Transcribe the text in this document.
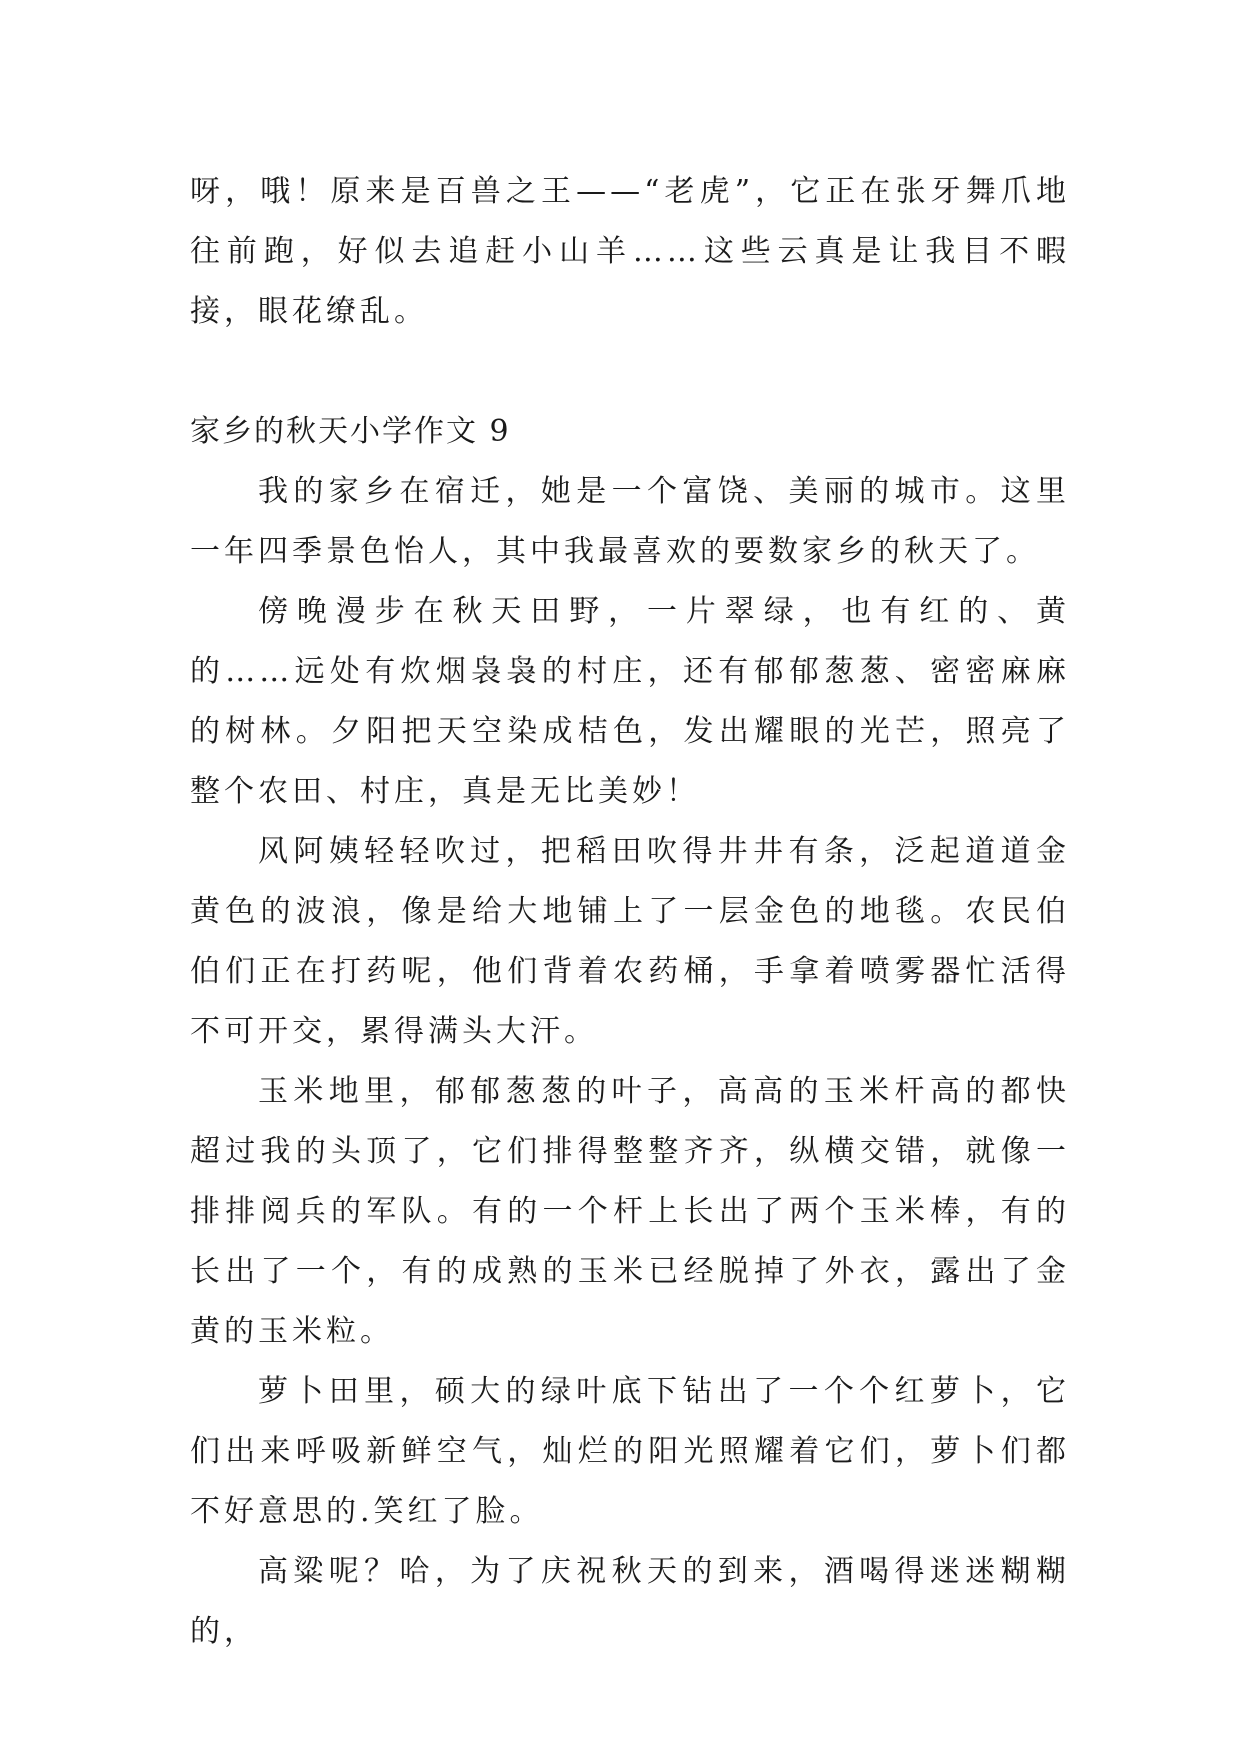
呀，哦！原来是百兽之王——“老虎”，它正在张牙舞爪地往前跑，好似去追赶小山羊……这些云真是让我目不暇接，眼花缭乱。

家乡的秋天小学作文 9

我的家乡在宿迁，她是一个富饶、美丽的城市。这里一年四季景色怡人，其中我最喜欢的要数家乡的秋天了。

傍晚漫步在秋天田野，一片翠绿，也有红的、黄的……远处有炊烟袅袅的村庄，还有郁郁葱葱、密密麻麻的树林。夕阳把天空染成桔色，发出耀眼的光芒，照亮了整个农田、村庄，真是无比美妙！

风阿姨轻轻吹过，把稻田吹得井井有条，泛起道道金黄色的波浪，像是给大地铺上了一层金色的地毯。农民伯伯们正在打药呢，他们背着农药桶，手拿着喷雾器忙活得不可开交，累得满头大汗。

玉米地里，郁郁葱葱的叶子，高高的玉米杆高的都快超过我的头顶了，它们排得整整齐齐，纵横交错，就像一排排阅兵的军队。有的一个杆上长出了两个玉米棒，有的长出了一个，有的成熟的玉米已经脱掉了外衣，露出了金黄的玉米粒。

萝卜田里，硕大的绿叶底下钻出了一个个红萝卜，它们出来呼吸新鲜空气，灿烂的阳光照耀着它们，萝卜们都不好意思的.笑红了脸。

高粱呢？哈，为了庆祝秋天的到来，酒喝得迷迷糊糊的，
